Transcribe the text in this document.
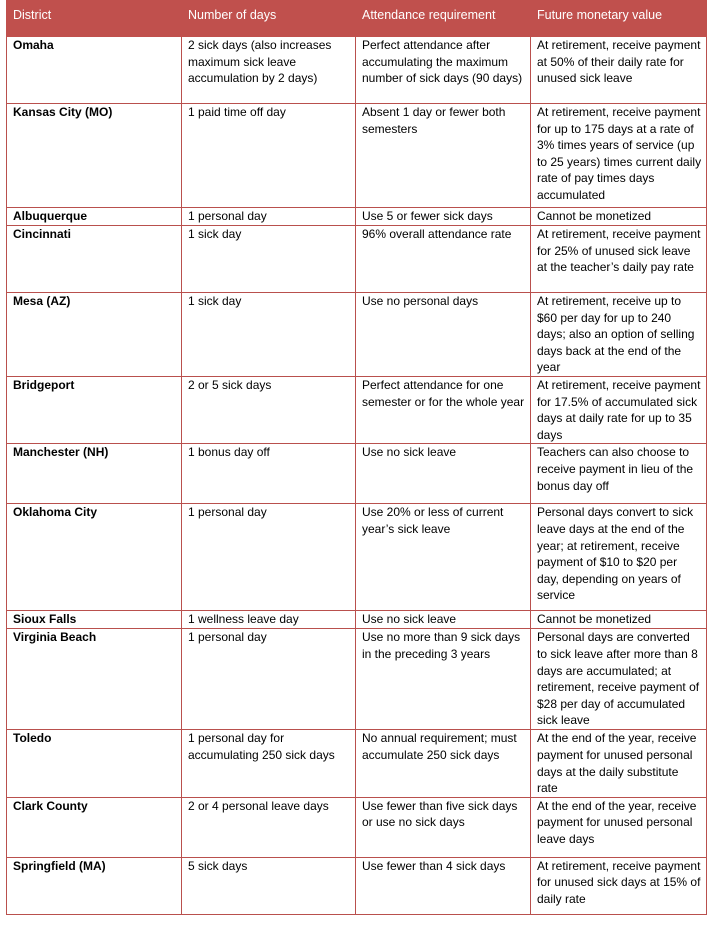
District	Number of days	Attendance requirement	Future monetary value
Omaha	2 sick days (also increases maximum sick leave accumulation by 2 days)	Perfect attendance after accumulating the maximum number of sick days (90 days)	At retirement, receive payment at 50% of their daily rate for unused sick leave
Kansas City (MO)	1 paid time off day	Absent 1 day or fewer both semesters	At retirement, receive payment for up to 175 days at a rate of 3% times years of service (up to 25 years) times current daily rate of pay times days accumulated
Albuquerque	1 personal day	Use 5 or fewer sick days	Cannot be monetized
Cincinnati	1 sick day	96% overall attendance rate	At retirement, receive payment for 25% of unused sick leave at the teacher’s daily pay rate
Mesa (AZ)	1 sick day	Use no personal days	At retirement, receive up to $60 per day for up to 240 days; also an option of selling days back at the end of the year
Bridgeport	2 or 5 sick days	Perfect attendance for one semester or for the whole year	At retirement, receive payment for 17.5% of accumulated sick days at daily rate for up to 35 days
Manchester (NH)	1 bonus day off	Use no sick leave	Teachers can also choose to receive payment in lieu of the bonus day off
Oklahoma City	1 personal day	Use 20% or less of current year’s sick leave	Personal days convert to sick leave days at the end of the year; at retirement, receive payment of $10 to $20 per day, depending on years of service
Sioux Falls	1 wellness leave day	Use no sick leave	Cannot be monetized
Virginia Beach	1 personal day	Use no more than 9 sick days in the preceding 3 years	Personal days are converted to sick leave after more than 8 days are accumulated; at retirement, receive payment of $28 per day of accumulated sick leave
Toledo	1 personal day for accumulating 250 sick days	No annual requirement; must accumulate 250 sick days	At the end of the year, receive payment for unused personal days at the daily substitute rate
Clark County	2 or 4 personal leave days	Use fewer than five sick days or use no sick days	At the end of the year, receive payment for unused personal leave days
Springfield (MA)	5 sick days	Use fewer than 4 sick days	At retirement, receive payment for unused sick days at 15% of daily rate
